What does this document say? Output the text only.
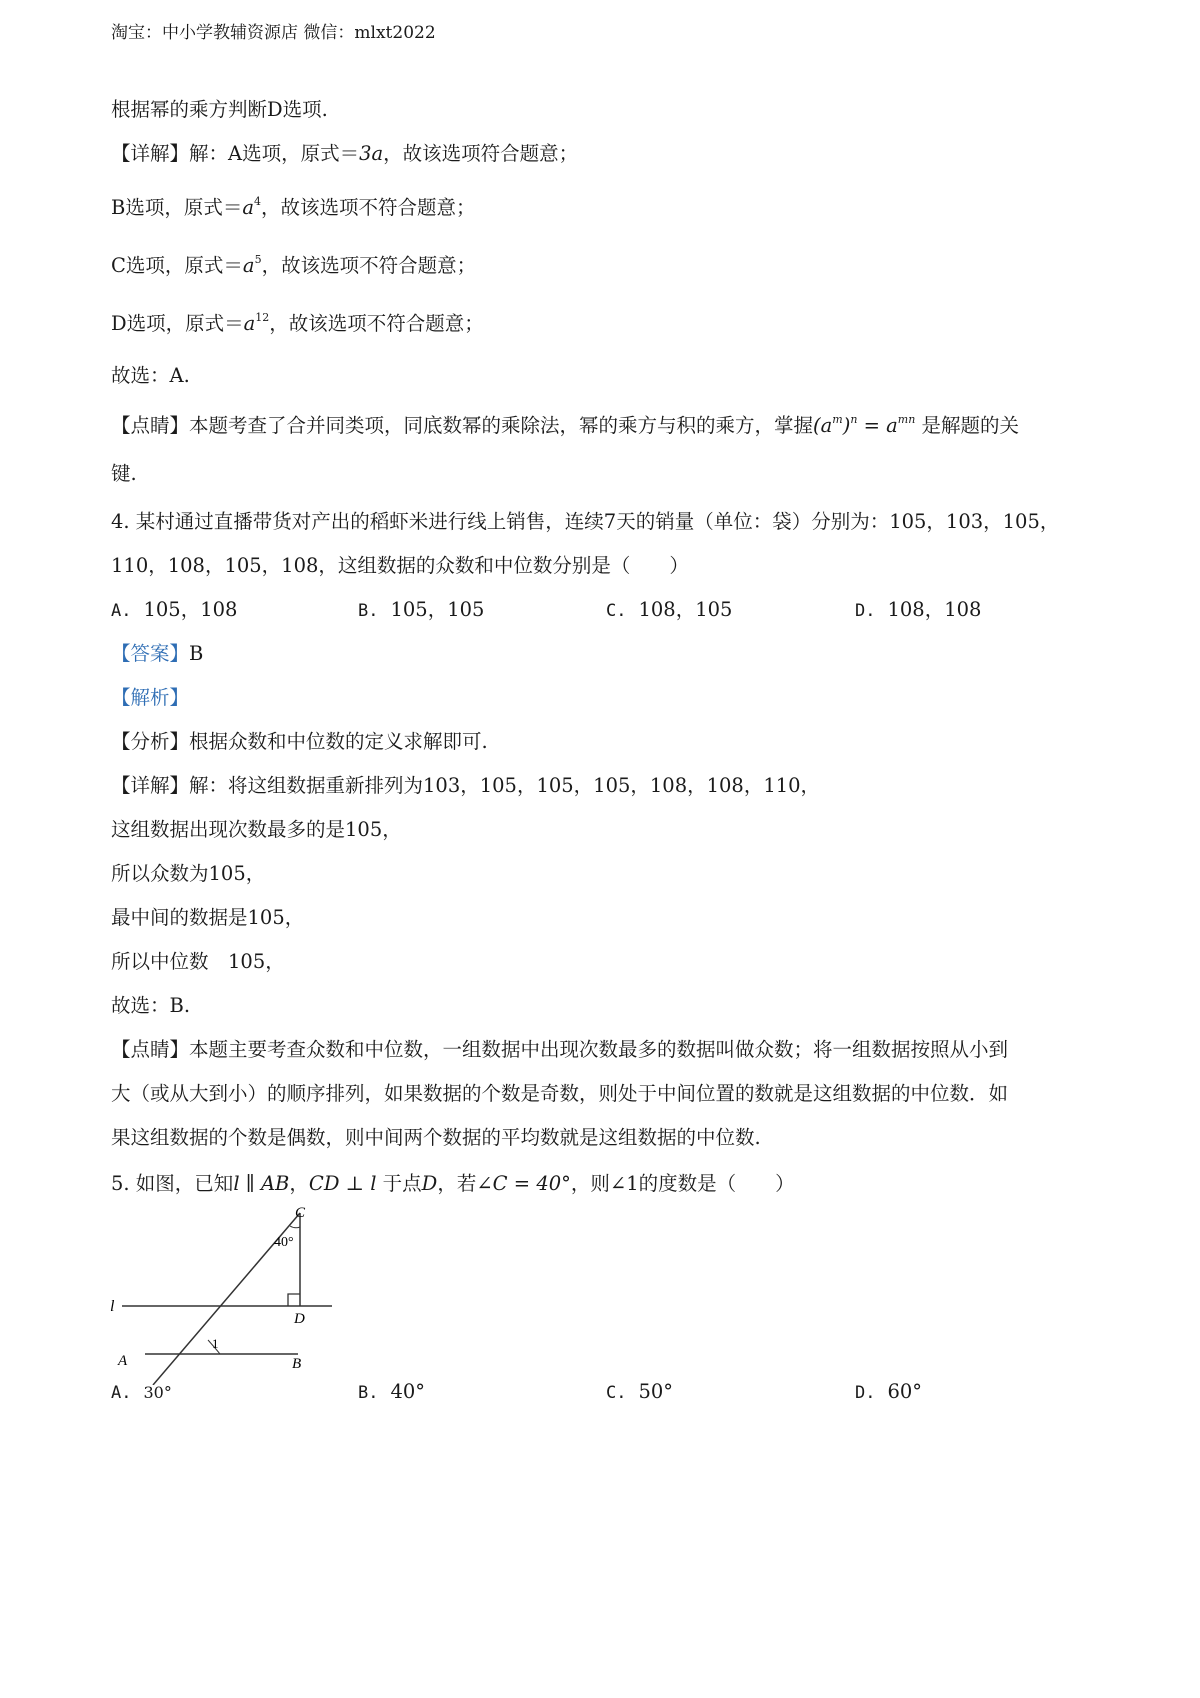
淘宝：中小学教辅资源店 微信：mlxt2022
根据幂的乘方判断D选项.
【详解】解：A选项，原式＝3a，故该选项符合题意；
B选项，原式$=a^4$，故该选项不符合题意；
C选项，原式$=a^5$，故该选项不符合题意；
D选项，原式$=a^{12}$，故该选项不符合题意；
故选：A.
【点睛】本题考查了合并同类项，同底数幂的乘除法，幂的乘方与积的乘方，掌握$(a^m)^n = a^{mn}$ 是解题的关
键.
4. 某村通过直播带货对产出的稻虾米进行线上销售，连续7天的销量（单位：袋）分别为：105，103，105，
110，108，105，108，这组数据的众数和中位数分别是（　　）
A. 105，108	B. 105，105	C. 108，105	D. 108，108
【答案】B
【解析】
【分析】根据众数和中位数的定义求解即可.
【详解】解：将这组数据重新排列为103，105，105，105，108，108，110，
这组数据出现次数最多的是105，
所以众数为105，
最中间的数据是105，
所以中位数　105，
故选：B.
【点睛】本题主要考查众数和中位数，一组数据中出现次数最多的数据叫做众数；将一组数据按照从小到
大（或从大到小）的顺序排列，如果数据的个数是奇数，则处于中间位置的数就是这组数据的中位数．如
果这组数据的个数是偶数，则中间两个数据的平均数就是这组数据的中位数.
5. 如图，已知l ∥ AB，CD ⊥ l 于点D，若∠C = 40°，则∠1的度数是（　　）
C
40°
l
D
1
A	B
A. 30°	B. 40°	C. 50°	D. 60°
